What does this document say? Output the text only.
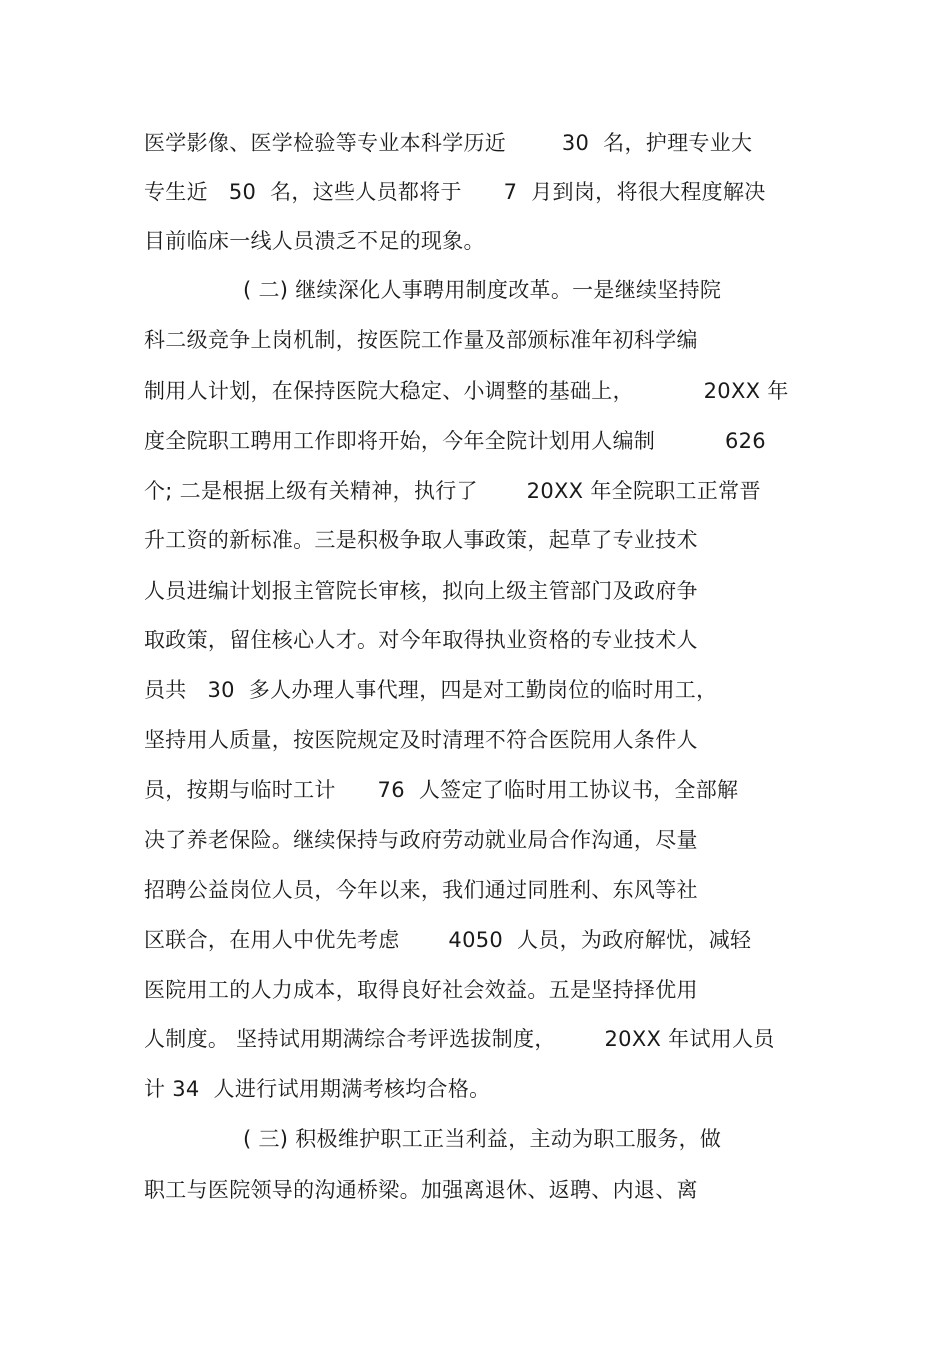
医学影像、医学检验等专业本科学历近        30  名，护理专业大
专生近   50  名，这些人员都将于      7  月到岗，将很大程度解决
目前临床一线人员溃乏不足的现象。
( 二) 继续深化人事聘用制度改革。一是继续坚持院
科二级竞争上岗机制，按医院工作量及部颁标准年初科学编
制用人计划，在保持医院大稳定、小调整的基础上，          20XX 年
度全院职工聘用工作即将开始，今年全院计划用人编制          626
个; 二是根据上级有关精神，执行了       20XX 年全院职工正常晋
升工资的新标准。三是积极争取人事政策，起草了专业技术
人员进编计划报主管院长审核，拟向上级主管部门及政府争
取政策，留住核心人才。对今年取得执业资格的专业技术人
员共   30  多人办理人事代理，四是对工勤岗位的临时用工，
坚持用人质量，按医院规定及时清理不符合医院用人条件人
员，按期与临时工计      76  人签定了临时用工协议书，全部解
决了养老保险。继续保持与政府劳动就业局合作沟通，尽量
招聘公益岗位人员，今年以来，我们通过同胜利、东风等社
区联合，在用人中优先考虑       4050  人员，为政府解忧，减轻
医院用工的人力成本，取得良好社会效益。五是坚持择优用
人制度。 坚持试用期满综合考评选拔制度，       20XX 年试用人员
计 34  人进行试用期满考核均合格。
( 三) 积极维护职工正当利益，主动为职工服务，做
职工与医院领导的沟通桥梁。加强离退休、返聘、内退、离
